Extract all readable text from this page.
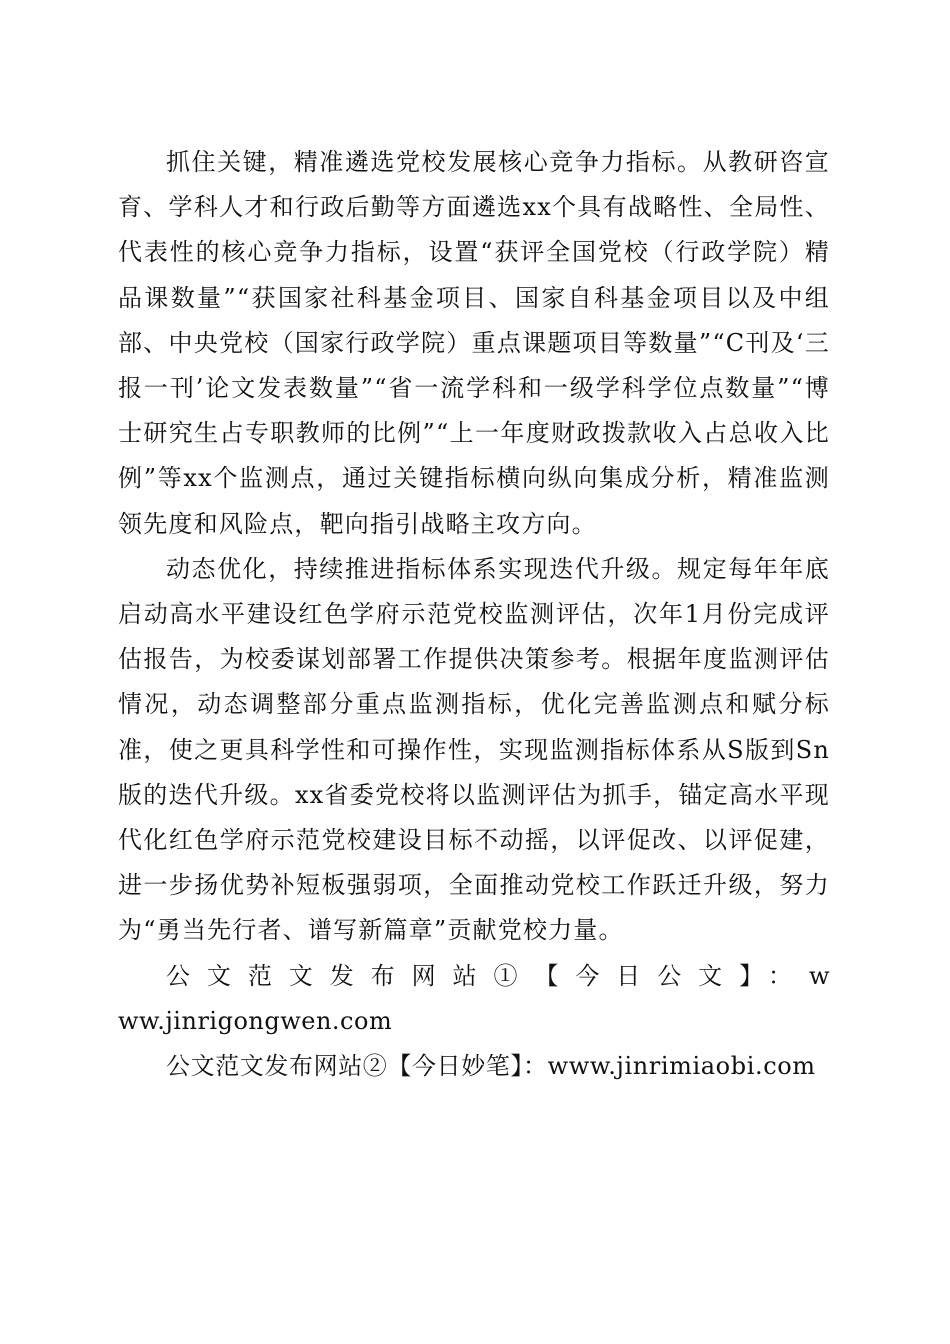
抓住关键，精准遴选党校发展核心竞争力指标。从教研咨宣育、学科人才和行政后勤等方面遴选xx个具有战略性、全局性、代表性的核心竞争力指标，设置“获评全国党校（行政学院）精品课数量”“获国家社科基金项目、国家自科基金项目以及中组部、中央党校（国家行政学院）重点课题项目等数量”“C刊及‘三报一刊’论文发表数量”“省一流学科和一级学科学位点数量”“博士研究生占专职教师的比例”“上一年度财政拨款收入占总收入比例”等xx个监测点，通过关键指标横向纵向集成分析，精准监测领先度和风险点，靶向指引战略主攻方向。

动态优化，持续推进指标体系实现迭代升级。规定每年年底启动高水平建设红色学府示范党校监测评估，次年1月份完成评估报告，为校委谋划部署工作提供决策参考。根据年度监测评估情况，动态调整部分重点监测指标，优化完善监测点和赋分标准，使之更具科学性和可操作性，实现监测指标体系从S版到Sn版的迭代升级。xx省委党校将以监测评估为抓手，锚定高水平现代化红色学府示范党校建设目标不动摇，以评促改、以评促建，进一步扬优势补短板强弱项，全面推动党校工作跃迁升级，努力为“勇当先行者、谱写新篇章”贡献党校力量。

公文范文发布网站①【今日公文】：www.jinrigongwen.com

公文范文发布网站②【今日妙笔】：www.jinrimiaobi.com
